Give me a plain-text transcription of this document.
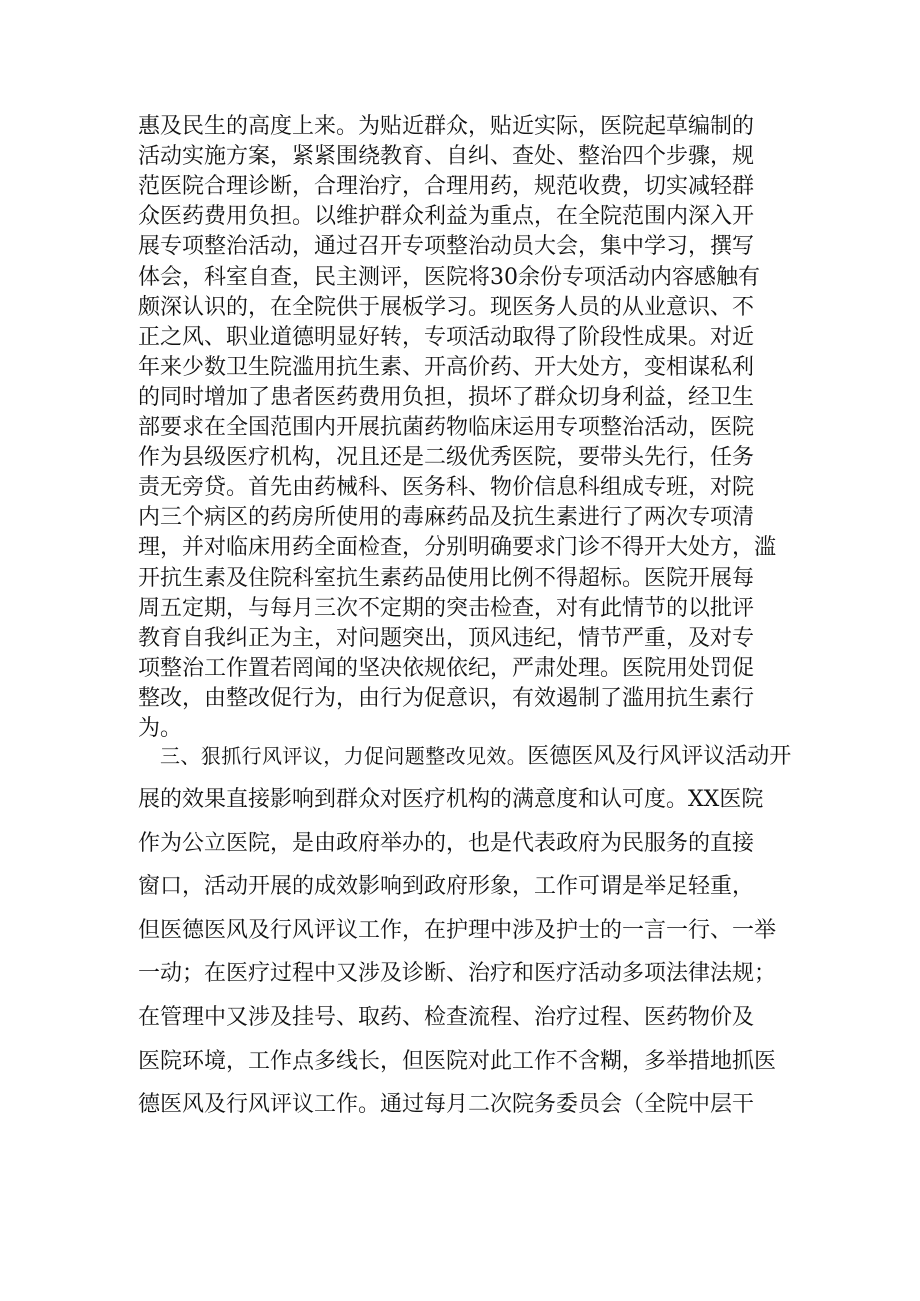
惠及民生的高度上来。为贴近群众，贴近实际，医院起草编制的
活动实施方案，紧紧围绕教育、自纠、查处、整治四个步骤，规
范医院合理诊断，合理治疗，合理用药，规范收费，切实减轻群
众医药费用负担。以维护群众利益为重点，在全院范围内深入开
展专项整治活动，通过召开专项整治动员大会，集中学习，撰写
体会，科室自查，民主测评，医院将30余份专项活动内容感触有
颇深认识的，在全院供于展板学习。现医务人员的从业意识、不
正之风、职业道德明显好转，专项活动取得了阶段性成果。对近
年来少数卫生院滥用抗生素、开高价药、开大处方，变相谋私利
的同时增加了患者医药费用负担，损坏了群众切身利益，经卫生
部要求在全国范围内开展抗菌药物临床运用专项整治活动，医院
作为县级医疗机构，况且还是二级优秀医院，要带头先行，任务
责无旁贷。首先由药械科、医务科、物价信息科组成专班，对院
内三个病区的药房所使用的毒麻药品及抗生素进行了两次专项清
理，并对临床用药全面检查，分别明确要求门诊不得开大处方，滥
开抗生素及住院科室抗生素药品使用比例不得超标。医院开展每
周五定期，与每月三次不定期的突击检查，对有此情节的以批评
教育自我纠正为主，对问题突出，顶风违纪，情节严重，及对专
项整治工作置若罔闻的坚决依规依纪，严肃处理。医院用处罚促
整改，由整改促行为，由行为促意识，有效遏制了滥用抗生素行
为。
三、狠抓行风评议，力促问题整改见效。医德医风及行风评议活动开
展的效果直接影响到群众对医疗机构的满意度和认可度。XX医院
作为公立医院，是由政府举办的，也是代表政府为民服务的直接
窗口，活动开展的成效影响到政府形象，工作可谓是举足轻重，
但医德医风及行风评议工作，在护理中涉及护士的一言一行、一举
一动；在医疗过程中又涉及诊断、治疗和医疗活动多项法律法规；
在管理中又涉及挂号、取药、检查流程、治疗过程、医药物价及
医院环境，工作点多线长，但医院对此工作不含糊，多举措地抓医
德医风及行风评议工作。通过每月二次院务委员会（全院中层干
